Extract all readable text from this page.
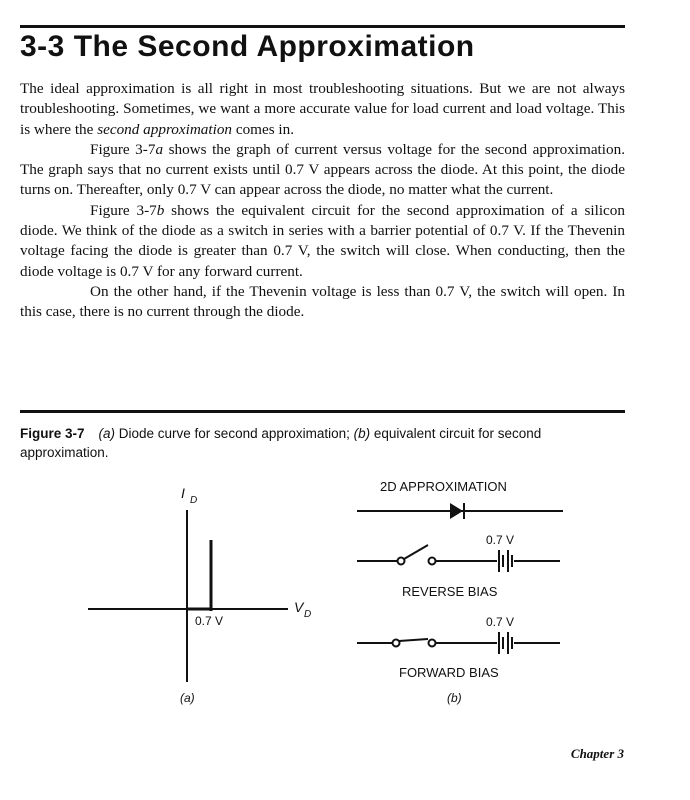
3-3 The Second Approximation

The ideal approximation is all right in most troubleshooting situations. But we are not always troubleshooting. Sometimes, we want a more accurate value for load current and load voltage. This is where the second approximation comes in.

Figure 3-7a shows the graph of current versus voltage for the second approximation. The graph says that no current exists until 0.7 V appears across the diode. At this point, the diode turns on. Thereafter, only 0.7 V can appear across the diode, no matter what the current.

Figure 3-7b shows the equivalent circuit for the second approximation of a silicon diode. We think of the diode as a switch in series with a barrier potential of 0.7 V. If the Thevenin voltage facing the diode is greater than 0.7 V, the switch will close. When conducting, then the diode voltage is 0.7 V for any forward current.

On the other hand, if the Thevenin voltage is less than 0.7 V, the switch will open. In this case, there is no current through the diode.

Figure 3-7 (a) Diode curve for second approximation; (b) equivalent circuit for second approximation.
I D
V D
0.7 V
(a)
2D APPROXIMATION
0.7 V
REVERSE BIAS
0.7 V
FORWARD BIAS
(b)
Chapter 3
